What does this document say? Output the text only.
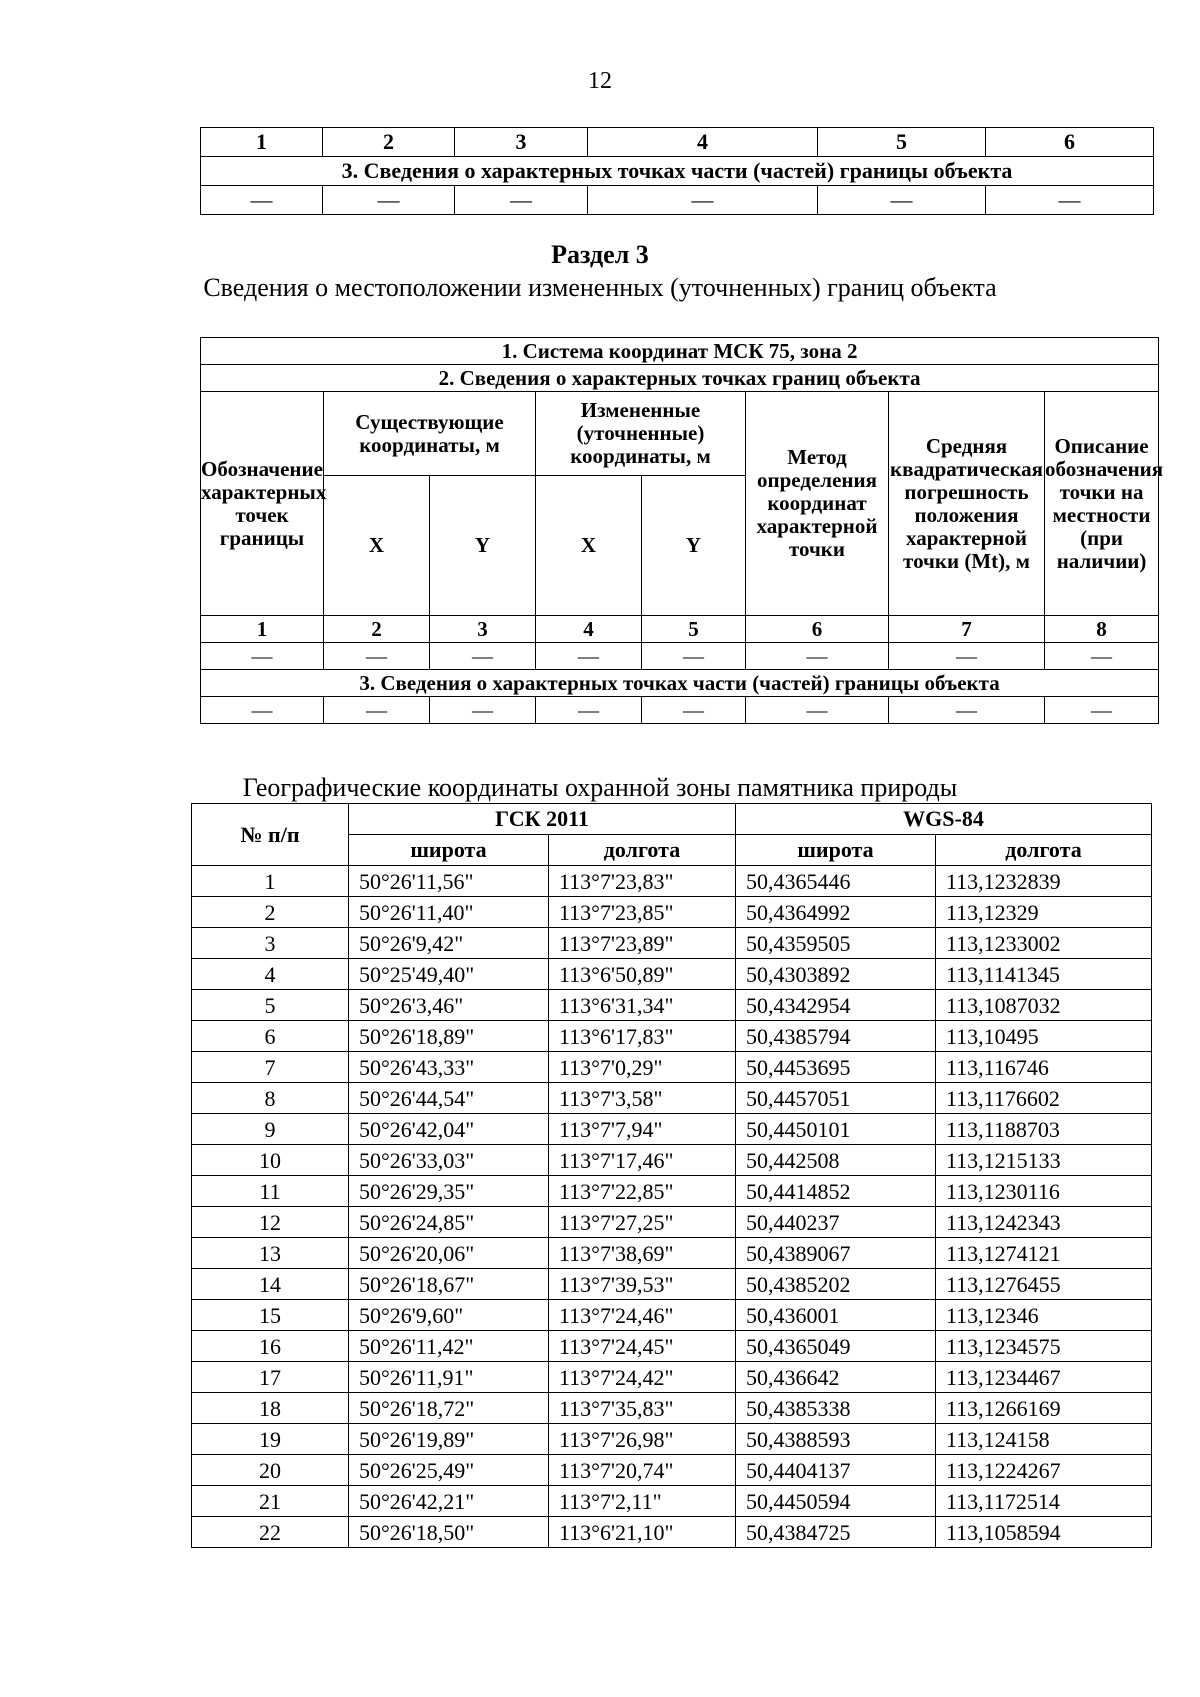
12
1	2	3	4	5	6
3. Сведения о характерных точках части (частей) границы объекта					
—	—	—	—	—	—
Раздел 3
Сведения о местоположении измененных (уточненных) границ объекта
1. Система координат МСК 75, зона 2							
2. Сведения о характерных точках границ объекта							
Обозначение характерных точек границы	Существующие координаты, м		Измененные (уточненные) координаты, м		Метод определения координат характерной точки	Средняя квадратическая погрешность положения характерной точки (Mt), м	Описание обозначения точки на местности (при наличии)
	X	Y	X	Y			
1	2	3	4	5	6	7	8
—	—	—	—	—	—	—	—
3. Сведения о характерных точках части (частей) границы объекта							
—	—	—	—	—	—	—	—
Географические координаты охранной зоны памятника природы
№ п/п	ГСК 2011		WGS-84	
	широта	долгота	широта	долгота
1	50°26'11,56"	113°7'23,83"	50,4365446	113,1232839
2	50°26'11,40"	113°7'23,85"	50,4364992	113,12329
3	50°26'9,42"	113°7'23,89"	50,4359505	113,1233002
4	50°25'49,40"	113°6'50,89"	50,4303892	113,1141345
5	50°26'3,46"	113°6'31,34"	50,4342954	113,1087032
6	50°26'18,89"	113°6'17,83"	50,4385794	113,10495
7	50°26'43,33"	113°7'0,29"	50,4453695	113,116746
8	50°26'44,54"	113°7'3,58"	50,4457051	113,1176602
9	50°26'42,04"	113°7'7,94"	50,4450101	113,1188703
10	50°26'33,03"	113°7'17,46"	50,442508	113,1215133
11	50°26'29,35"	113°7'22,85"	50,4414852	113,1230116
12	50°26'24,85"	113°7'27,25"	50,440237	113,1242343
13	50°26'20,06"	113°7'38,69"	50,4389067	113,1274121
14	50°26'18,67"	113°7'39,53"	50,4385202	113,1276455
15	50°26'9,60"	113°7'24,46"	50,436001	113,12346
16	50°26'11,42"	113°7'24,45"	50,4365049	113,1234575
17	50°26'11,91"	113°7'24,42"	50,436642	113,1234467
18	50°26'18,72"	113°7'35,83"	50,4385338	113,1266169
19	50°26'19,89"	113°7'26,98"	50,4388593	113,124158
20	50°26'25,49"	113°7'20,74"	50,4404137	113,1224267
21	50°26'42,21"	113°7'2,11"	50,4450594	113,1172514
22	50°26'18,50"	113°6'21,10"	50,4384725	113,1058594
